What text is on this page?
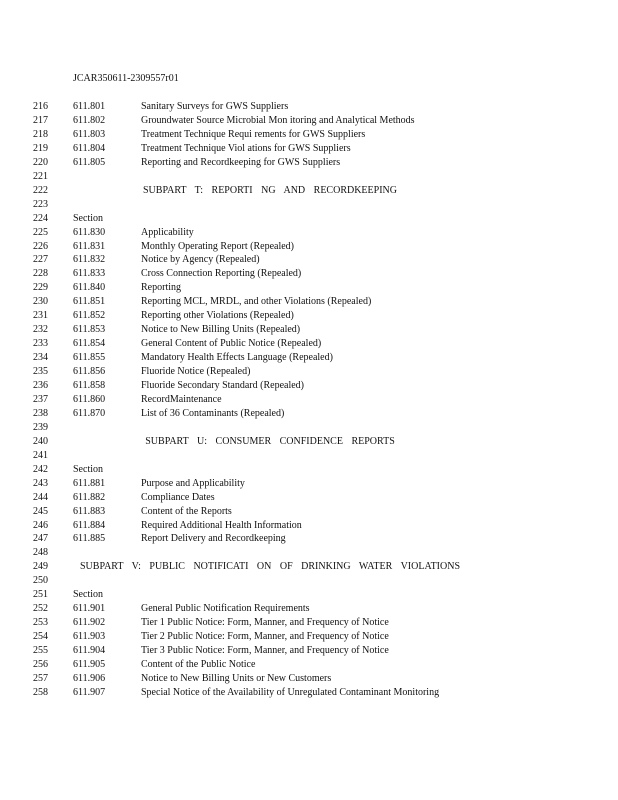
JCAR350611-2309557r01
216	611.801	Sanitary Surveys for GWS Suppliers
217	611.802	Groundwater Source Microbial Mon itoring and Analytical Methods
218	611.803	Treatment Technique Requi rements for GWS Suppliers
219	611.804	Treatment Technique Viol ations for GWS Suppliers
220	611.805	Reporting and Recordkeeping for GWS Suppliers
221
222	SUBPART T: REPORTI NG AND RECORDKEEPING
223
224	Section
225	611.830	Applicability
226	611.831	Monthly Operating Report (Repealed)
227	611.832	Notice by Agency (Repealed)
228	611.833	Cross Connection Reporting (Repealed)
229	611.840	Reporting
230	611.851	Reporting MCL, MRDL, and other Violations (Repealed)
231	611.852	Reporting other Violations (Repealed)
232	611.853	Notice to New Billing Units (Repealed)
233	611.854	General Content of Public Notice (Repealed)
234	611.855	Mandatory Health Effects Language (Repealed)
235	611.856	Fluoride Notice (Repealed)
236	611.858	Fluoride Secondary Standard (Repealed)
237	611.860	RecordMaintenance
238	611.870	List of 36 Contaminants (Repealed)
239
240	SUBPART U: CONSUMER CONFIDENCE REPORTS
241
242	Section
243	611.881	Purpose and Applicability
244	611.882	Compliance Dates
245	611.883	Content of the Reports
246	611.884	Required Additional Health Information
247	611.885	Report Delivery and Recordkeeping
248
249	SUBPART V: PUBLIC NOTIFICATI ON OF DRINKING WATER VIOLATIONS
250
251	Section
252	611.901	General Public Notification Requirements
253	611.902	Tier 1 Public Notice: Form, Manner, and Frequency of Notice
254	611.903	Tier 2 Public Notice: Form, Manner, and Frequency of Notice
255	611.904	Tier 3 Public Notice: Form, Manner, and Frequency of Notice
256	611.905	Content of the Public Notice
257	611.906	Notice to New Billing Units or New Customers
258	611.907	Special Notice of the Availability of Unregulated Contaminant Monitoring
